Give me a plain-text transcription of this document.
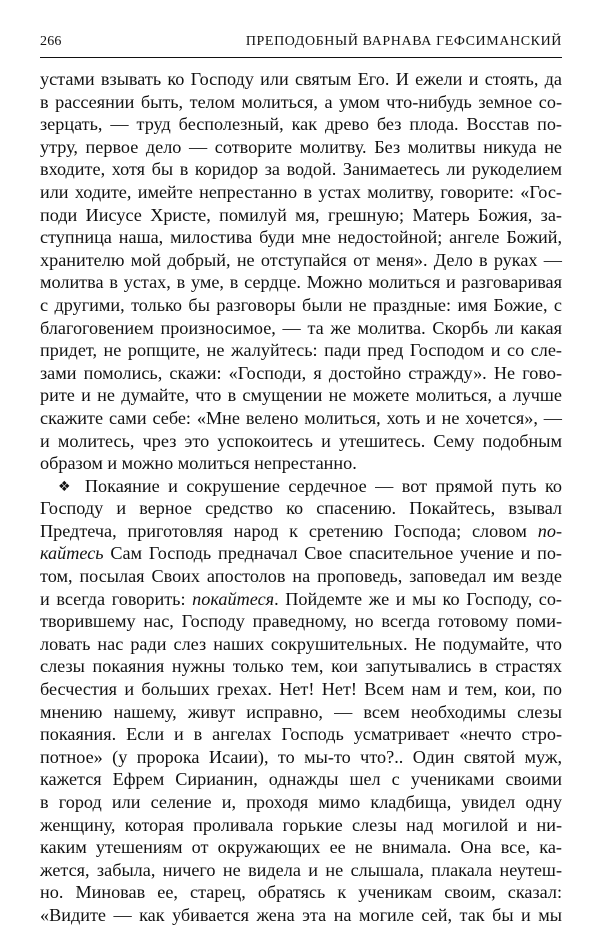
266	ПРЕПОДОБНЫЙ ВАРНАВА ГЕФСИМАНСКИЙ
устами взывать ко Господу или святым Его. И ежели и стоять, да
в рассеянии быть, телом молиться, а умом что-нибудь земное со-
зерцать, — труд бесполезный, как древо без плода. Восстав по-
утру, первое дело — сотворите молитву. Без молитвы никуда не
входите, хотя бы в коридор за водой. Занимаетесь ли рукоделием
или ходите, имейте непрестанно в устах молитву, говорите: «Гос-
поди Иисусе Христе, помилуй мя, грешную; Матерь Божия, за-
ступница наша, милостива буди мне недостойной; ангеле Божий,
хранителю мой добрый, не отступайся от меня». Дело в руках —
молитва в устах, в уме, в сердце. Можно молиться и разговаривая
с другими, только бы разговоры были не праздные: имя Божие, с
благоговением произносимое, — та же молитва. Скорбь ли какая
придет, не ропщите, не жалуйтесь: пади пред Господом и со сле-
зами помолись, скажи: «Господи, я достойно стражду». Не гово-
рите и не думайте, что в смущении не можете молиться, а лучше
скажите сами себе: «Мне велено молиться, хоть и не хочется», —
и молитесь, чрез это успокоитесь и утешитесь. Сему подобным
образом и можно молиться непрестанно.
❖ Покаяние и сокрушение сердечное — вот прямой путь ко
Господу и верное средство ко спасению. Покайтесь, взывал
Предтеча, приготовляя народ к сретению Господа; словом по-
кайтесь Сам Господь предначал Свое спасительное учение и по-
том, посылая Своих апостолов на проповедь, заповедал им везде
и всегда говорить: покайтеся. Пойдемте же и мы ко Господу, со-
творившему нас, Господу праведному, но всегда готовому поми-
ловать нас ради слез наших сокрушительных. Не подумайте, что
слезы покаяния нужны только тем, кои запутывались в страстях
бесчестия и больших грехах. Нет! Нет! Всем нам и тем, кои, по
мнению нашему, живут исправно, — всем необходимы слезы
покаяния. Если и в ангелах Господь усматривает «нечто стро-
потное» (у пророка Исаии), то мы-то что?.. Один святой муж,
кажется Ефрем Сирианин, однажды шел с учениками своими
в город или селение и, проходя мимо кладбища, увидел одну
женщину, которая проливала горькие слезы над могилой и ни-
каким утешениям от окружающих ее не внимала. Она все, ка-
жется, забыла, ничего не видела и не слышала, плакала неутеш-
но. Миновав ее, старец, обратясь к ученикам своим, сказал:
«Видите — как убивается жена эта на могиле сей, так бы и мы
